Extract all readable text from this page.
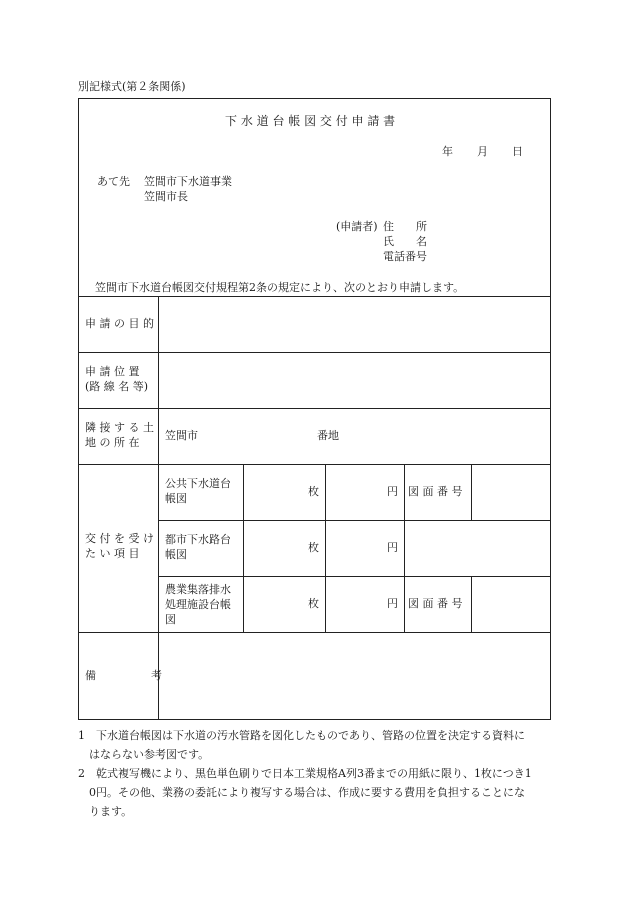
別記様式(第２条関係)
下 水 道 台 帳 図 交 付 申 請 書
年 月 日
あて先 笠間市下水道事業
笠間市長
(申請者) 住　　所
氏　　名
電話番号
笠間市下水道台帳図交付規程第2条の規定により、次のとおり申請します。
申 請 の 目 的
申 請 位 置
(路 線 名 等)
隣 接 す る 土
地 の 所 在
笠間市	番地
交 付 を 受 け
た い 項 目
公共下水道台
帳図
枚	円 図 面 番 号
都市下水路台
帳図
枚	円
農業集落排水
処理施設台帳
図
枚	円 図 面 番 号
備　　　　　考
1　下水道台帳図は下水道の汚水管路を図化したものであり、管路の位置を決定する資料に
　はならない参考図です。
2　乾式複写機により、黒色単色刷りで日本工業規格A列3番までの用紙に限り、1枚につき1
　0円。その他、業務の委託により複写する場合は、作成に要する費用を負担することにな
　ります。
